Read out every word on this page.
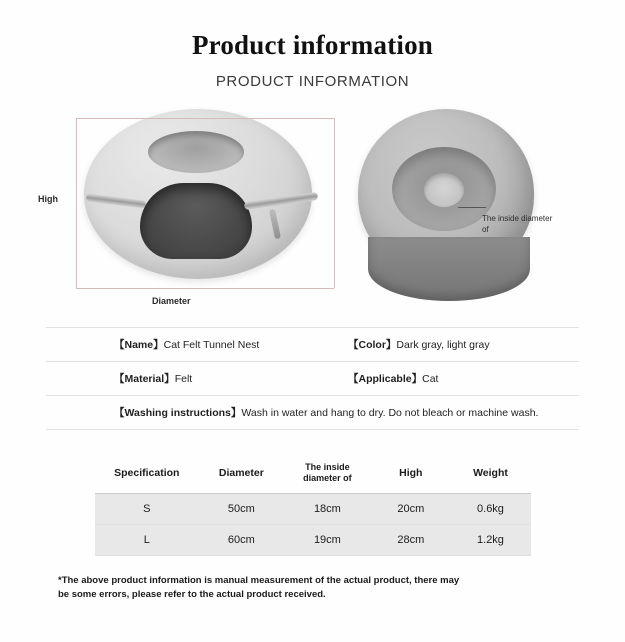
Product information
PRODUCT INFORMATION
High
Diameter
The inside diameter of
【Name】Cat Felt Tunnel Nest	【Color】Dark gray, light gray
【Material】Felt	【Applicable】Cat
【Washing instructions】Wash in water and hang to dry. Do not bleach or machine wash.
Specification	Diameter	The inside diameter of	High	Weight
S	50cm	18cm	20cm	0.6kg
L	60cm	19cm	28cm	1.2kg
*The above product information is manual measurement of the actual product, there may
be some errors, please refer to the actual product received.
